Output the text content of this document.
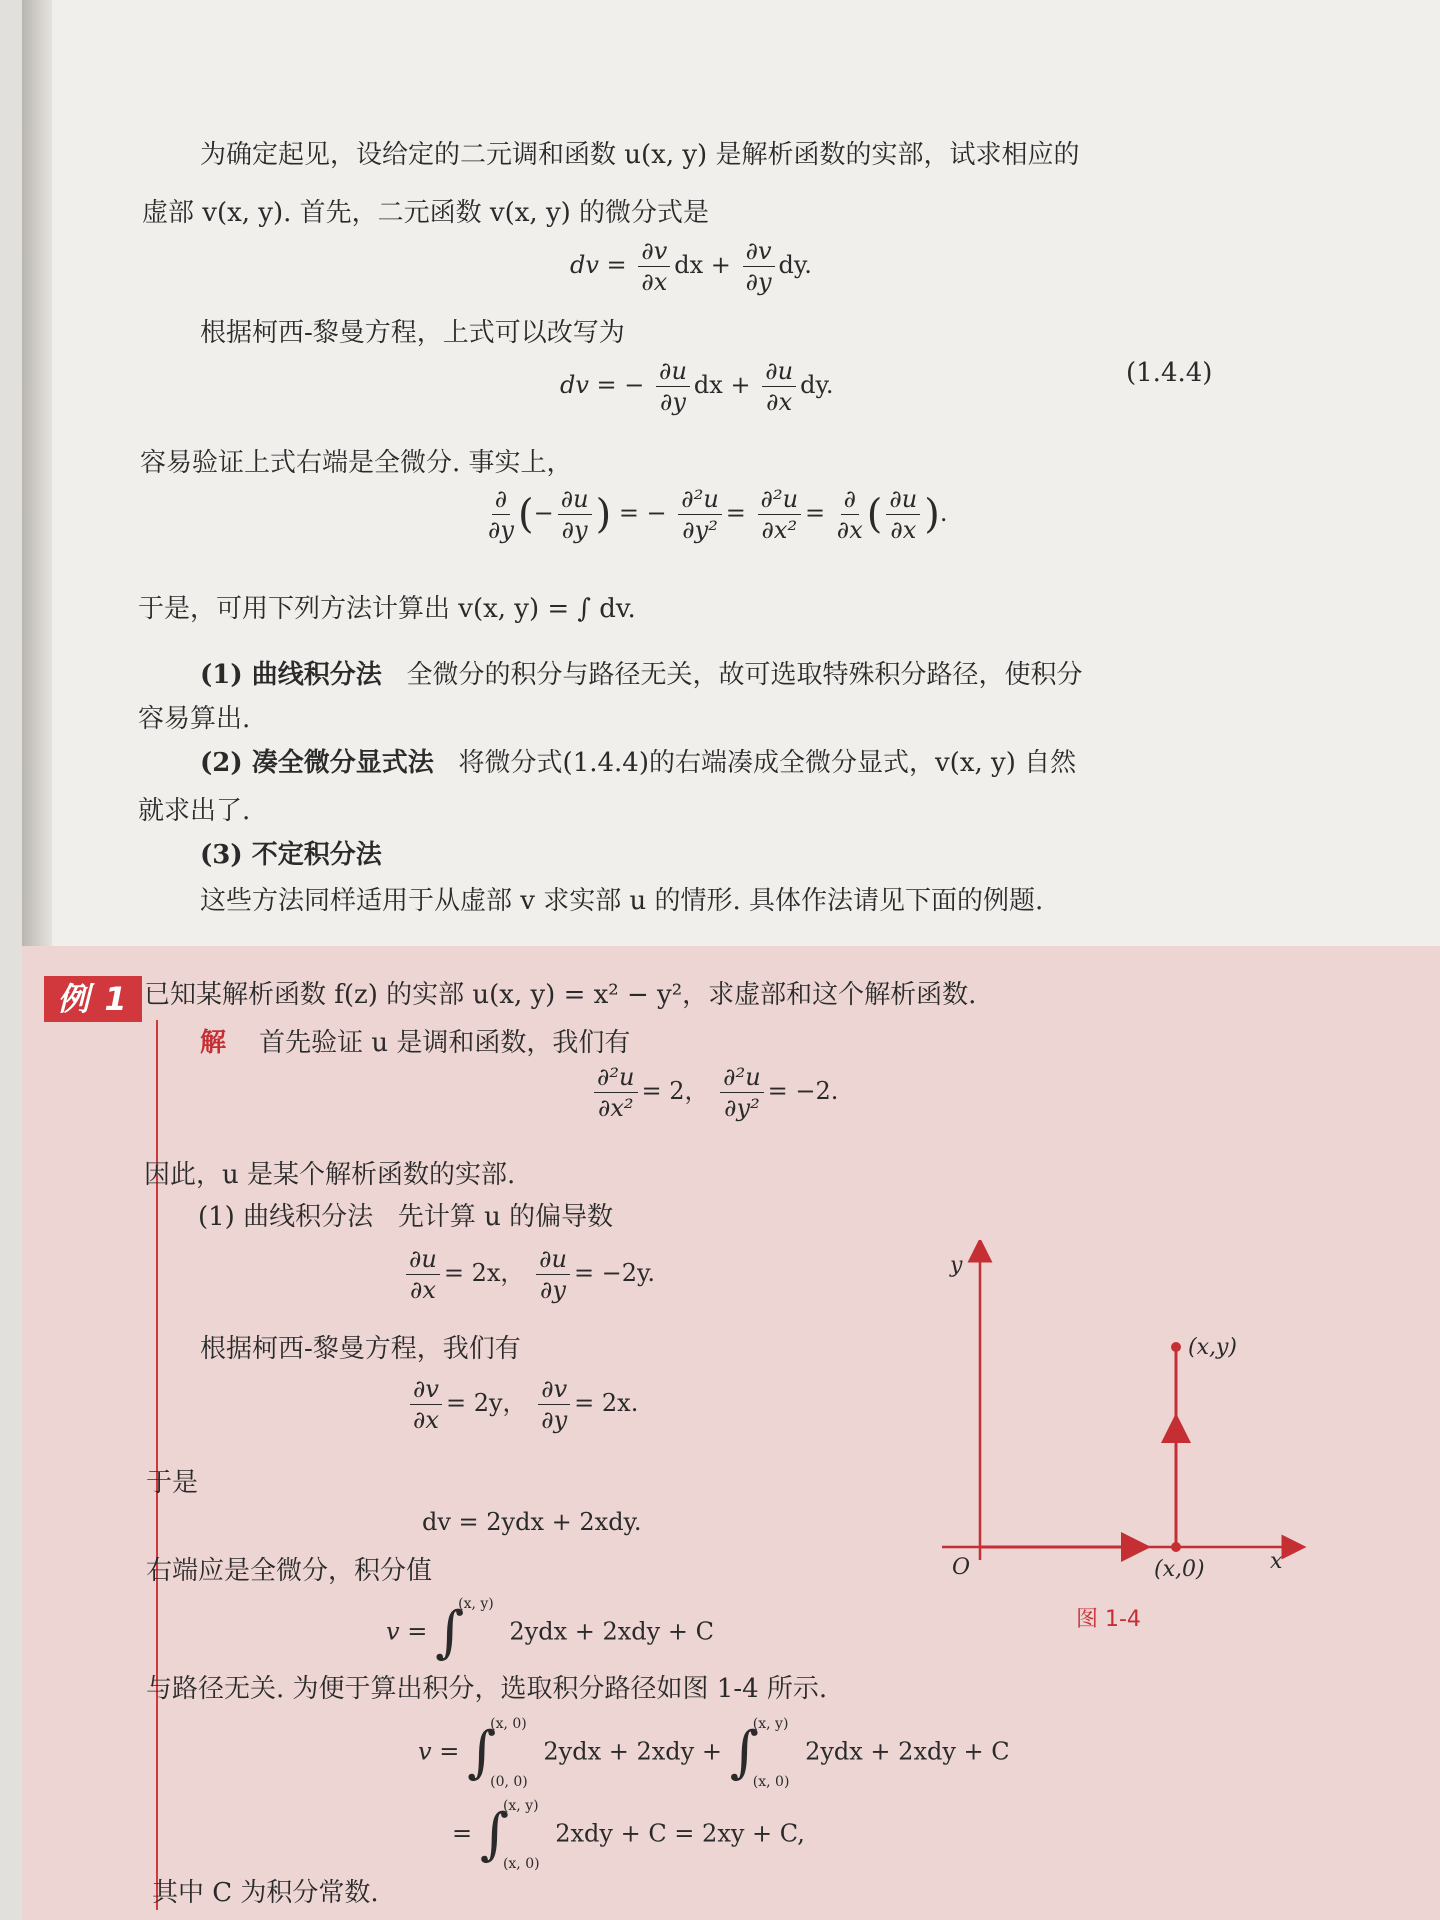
为确定起见，设给定的二元调和函数 u(x, y) 是解析函数的实部，试求相应的
虚部 v(x, y). 首先，二元函数 v(x, y) 的微分式是
dv = $\frac{\partial v}{\partial x}$ dx + $\frac{\partial v}{\partial y}$ dy.
根据柯西-黎曼方程，上式可以改写为
dv = − $\frac{\partial u}{\partial y}$ dx + $\frac{\partial u}{\partial x}$ dy.	(1.4.4)
容易验证上式右端是全微分. 事实上，
$\frac{\partial}{\partial y}$ (− $\frac{\partial u}{\partial y}$ ) = − $\frac{\text{∂²u}}{\text{∂y²}} = \frac{\text{∂²u}}{\text{∂x²}} = \frac{\partial}{\partial x}$ ( $\frac{\partial u}{\partial x}$ ).
于是，可用下列方法计算出 v(x, y) = ∫ dv.
(1) 曲线积分法 全微分的积分与路径无关，故可选取特殊积分路径，使积分
容易算出.
(2) 凑全微分显式法 将微分式(1.4.4)的右端凑成全微分显式，v(x, y) 自然
就求出了.
(3) 不定积分法
这些方法同样适用于从虚部 v 求实部 u 的情形. 具体作法请见下面的例题.
例 1 已知某解析函数 f(z) 的实部 u(x, y) = x² − y²，求虚部和这个解析函数.
解 首先验证 u 是调和函数，我们有
$\frac{\text{∂²u}}{\text{∂x²}} = 2$， $\frac{\text{∂²u}}{\text{∂y²}} = -2$.
因此，u 是某个解析函数的实部.
(1) 曲线积分法 先计算 u 的偏导数
$\frac{\partial u}{\partial x} = 2x$， $\frac{\partial u}{\partial y} = -2y$.
根据柯西-黎曼方程，我们有
$\frac{\partial v}{\partial x} = 2y$， $\frac{\partial v}{\partial y} = 2x$.
于是
dv = 2ydx + 2xdy.
右端应是全微分，积分值
v = ∫
(x, y)
2ydx + 2xdy + C
与路径无关. 为便于算出积分，选取积分路径如图 1-4 所示.
v = ∫
(x, 0)
(0, 0)
2ydx + 2xdy + ∫
(x, y)
(x, 0)
2ydx + 2xdy + C
= ∫
(x, y)
(x, 0)
2xdy + C = 2xy + C,
其中 C 为积分常数.
O	x
y
(x,y)
(x,0)
图 1-4
